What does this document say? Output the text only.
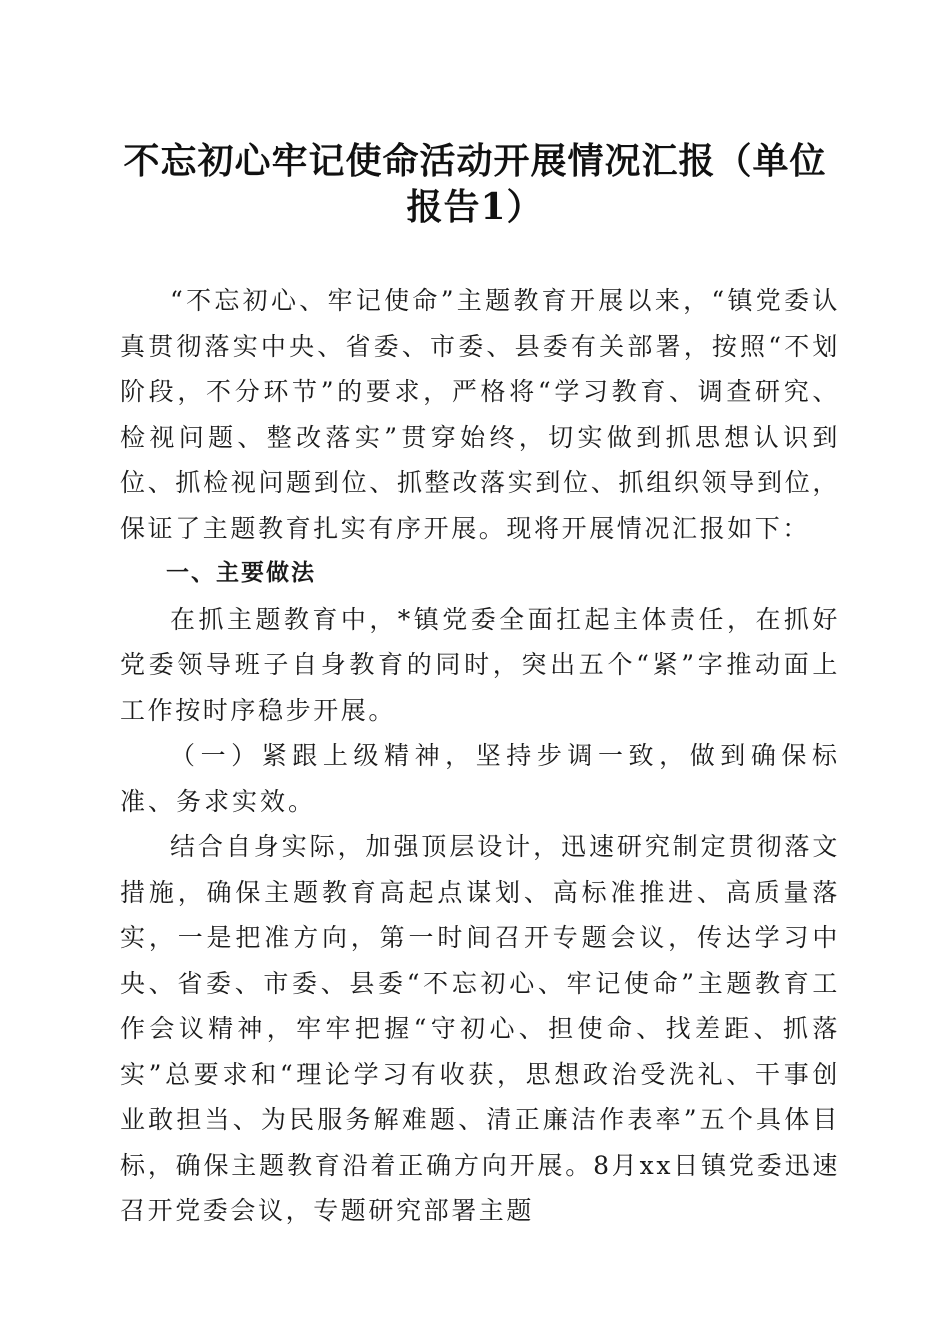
不忘初心牢记使命活动开展情况汇报（单位报告1）

“不忘初心、牢记使命”主题教育开展以来，“镇党委认真贯彻落实中央、省委、市委、县委有关部署，按照“不划阶段，不分环节”的要求，严格将“学习教育、调查研究、检视问题、整改落实”贯穿始终，切实做到抓思想认识到位、抓检视问题到位、抓整改落实到位、抓组织领导到位，保证了主题教育扎实有序开展。现将开展情况汇报如下：

一、主要做法

在抓主题教育中，*镇党委全面扛起主体责任，在抓好党委领导班子自身教育的同时，突出五个“紧”字推动面上工作按时序稳步开展。

（一）紧跟上级精神，坚持步调一致，做到确保标准、务求实效。

结合自身实际，加强顶层设计，迅速研究制定贯彻落文措施，确保主题教育高起点谋划、高标准推进、高质量落实，一是把准方向，第一时间召开专题会议，传达学习中央、省委、市委、县委“不忘初心、牢记使命”主题教育工作会议精神，牢牢把握“守初心、担使命、找差距、抓落实”总要求和“理论学习有收获，思想政治受洗礼、干事创业敢担当、为民服务解难题、清正廉洁作表率”五个具体目标，确保主题教育沿着正确方向开展。8月xx日镇党委迅速召开党委会议，专题研究部署主题
